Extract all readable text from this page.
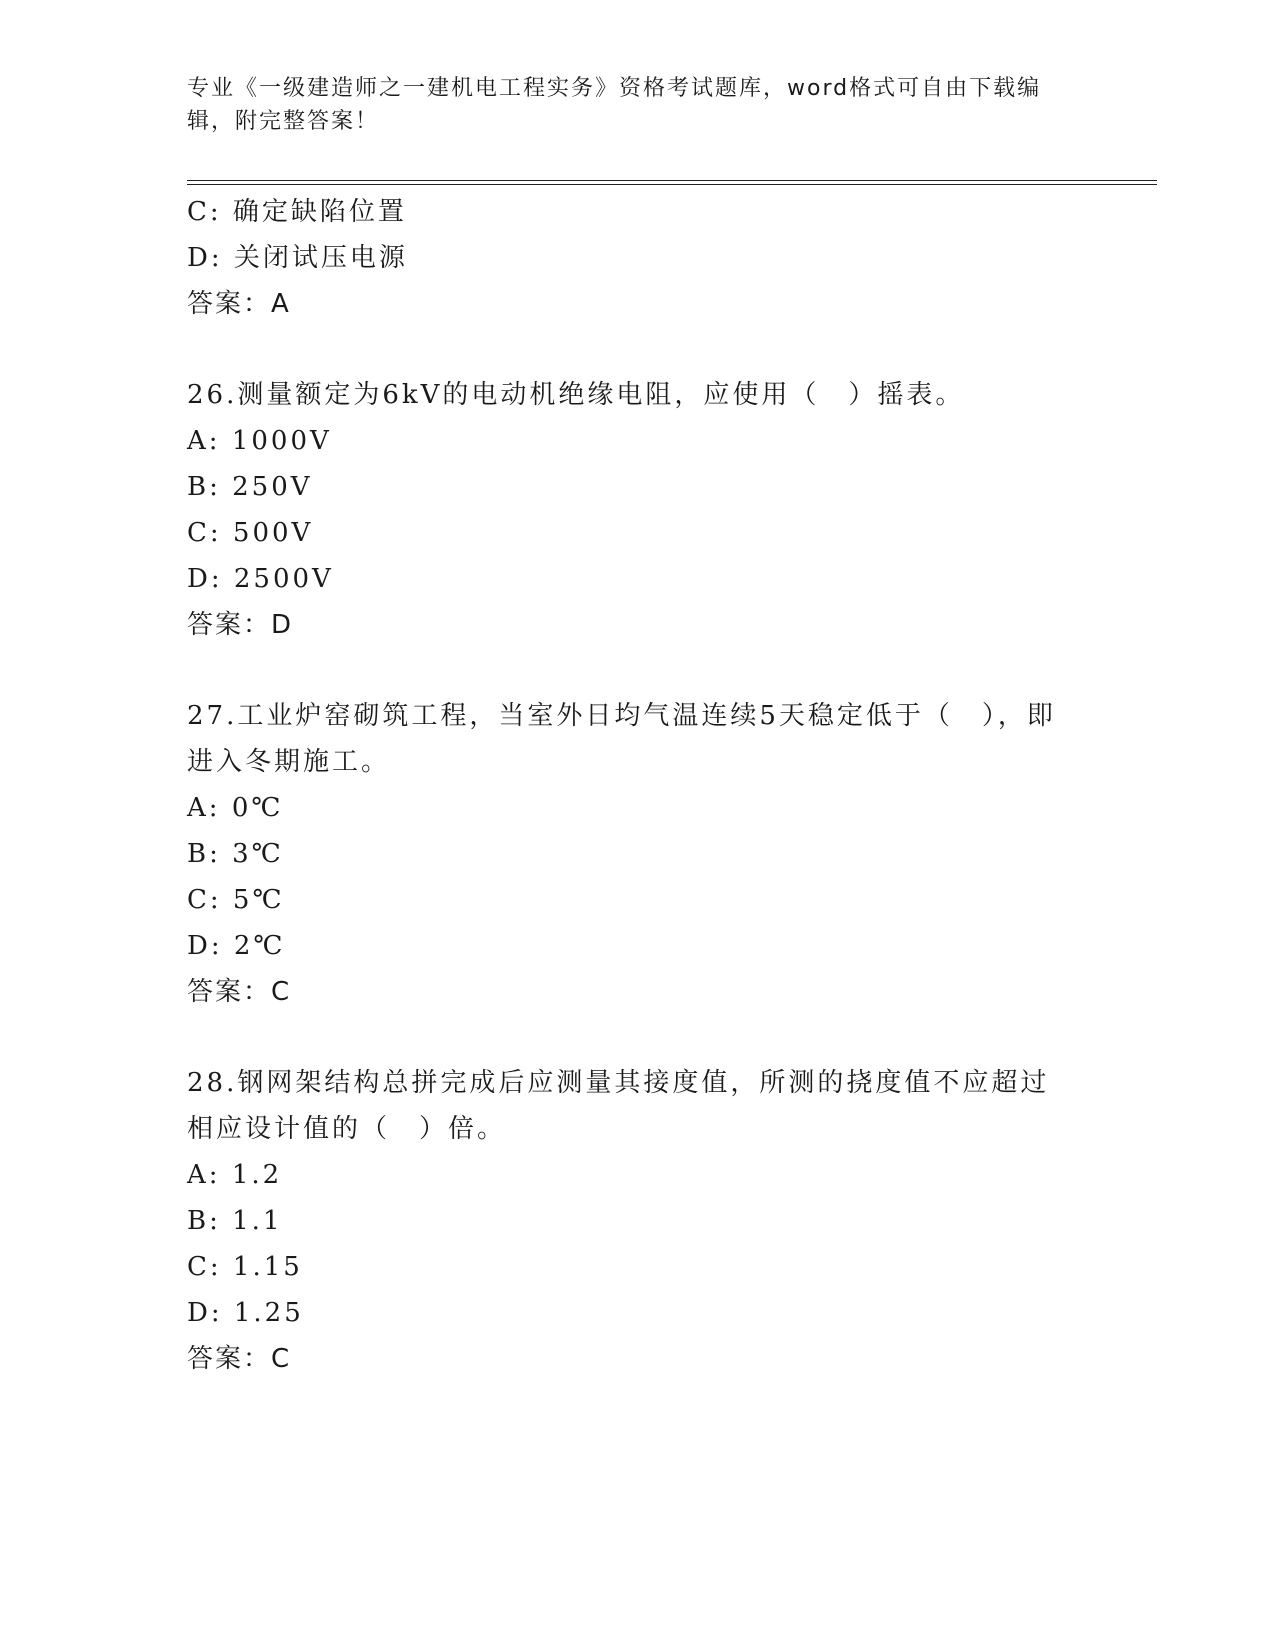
专业《一级建造师之一建机电工程实务》资格考试题库，word格式可自由下载编辑，附完整答案！
C: 确定缺陷位置
D: 关闭试压电源
答案：A
26.测量额定为6kV的电动机绝缘电阻，应使用（　）摇表。
A: 1000V
B: 250V
C: 500V
D: 2500V
答案：D
27.工业炉窑砌筑工程，当室外日均气温连续5天稳定低于（　），即进入冬期施工。
A: 0℃
B: 3℃
C: 5℃
D: 2℃
答案：C
28.钢网架结构总拼完成后应测量其接度值，所测的挠度值不应超过相应设计值的（　）倍。
A: 1.2
B: 1.1
C: 1.15
D: 1.25
答案：C
